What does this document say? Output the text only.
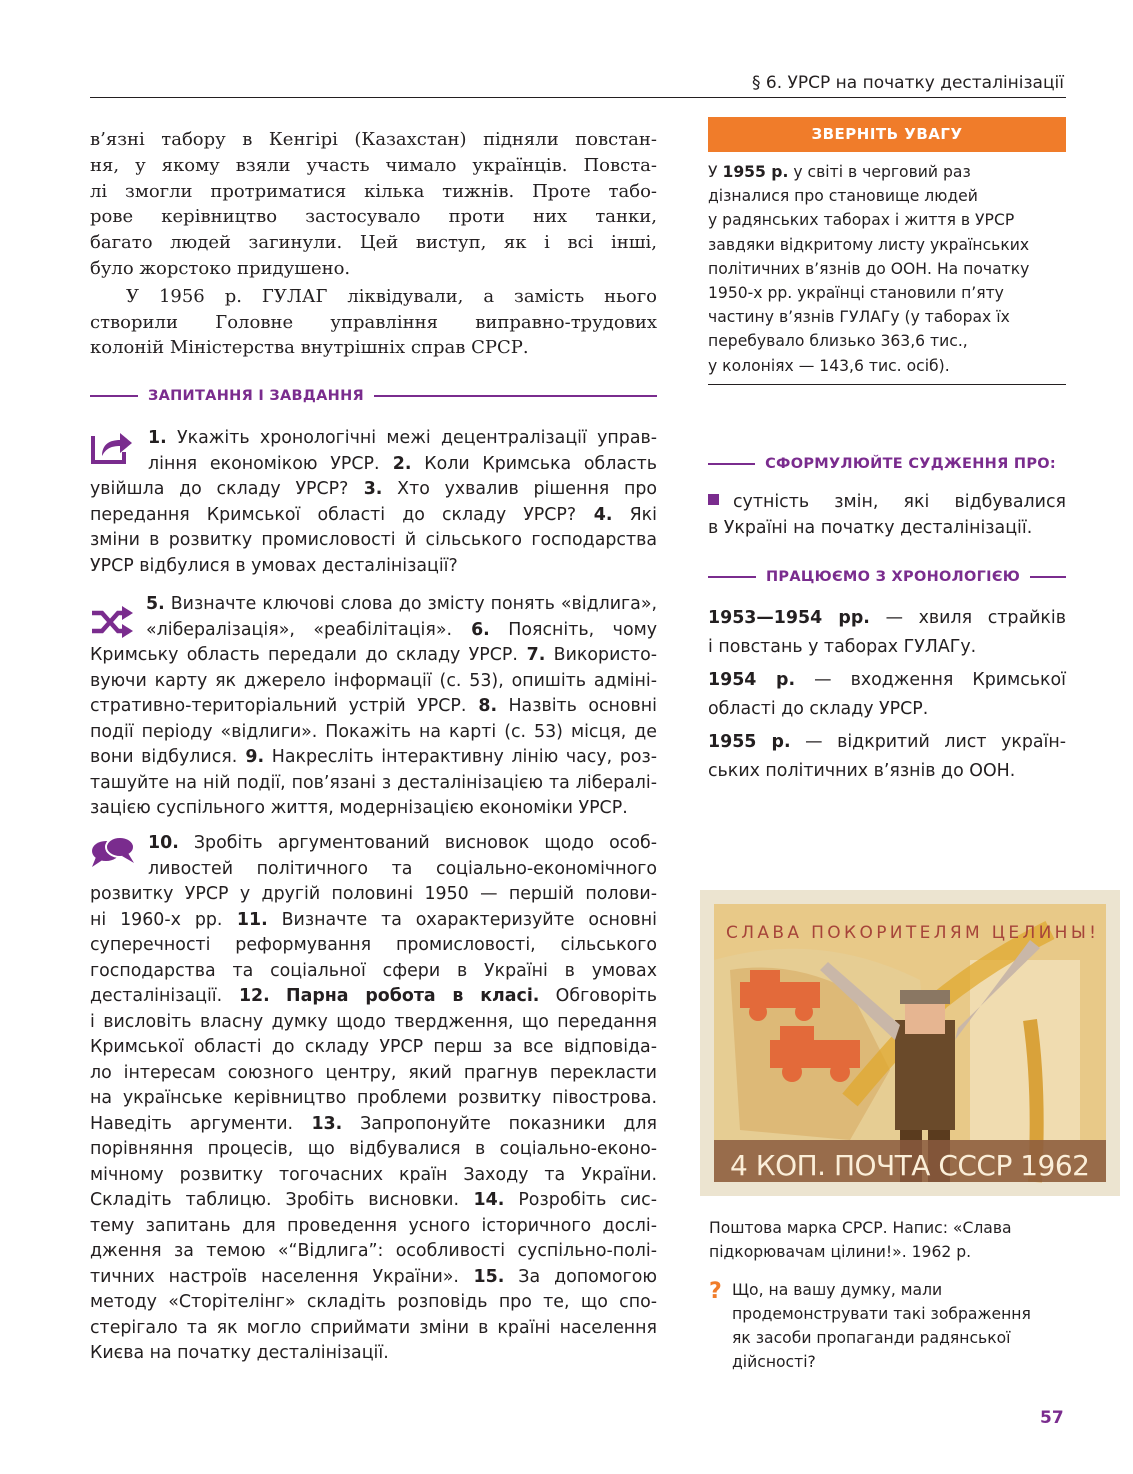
§ 6. УРСР на початку десталінізації
в’язні табору в Кенгірі (Казахстан) підняли повстан-
ня, у якому взяли участь чимало українців. Повста-
лі змогли протриматися кілька тижнів. Проте табо-
рове керівництво застосувало проти них танки,
багато людей загинули. Цей виступ, як і всі інші,
було жорстоко придушено.
У 1956 р. ГУЛАГ ліквідували, а замість нього
створили Головне управління виправно-трудових
колоній Міністерства внутрішніх справ СРСР.
ЗАПИТАННЯ І ЗАВДАННЯ
1. Укажіть хронологічні межі децентралізації управ-
ління економікою УРСР. 2. Коли Кримська область
увійшла до складу УРСР? 3. Хто ухвалив рішення про
передання Кримської області до складу УРСР? 4. Які
зміни в розвитку промисловості й сільського господарства
УРСР відбулися в умовах десталінізації?
5. Визначте ключові слова до змісту понять «відлига»,
«лібералізація», «реабілітація». 6. Поясніть, чому
Кримську область передали до складу УРСР. 7. Використо-
вуючи карту як джерело інформації (с. 53), опишіть адміні-
стративно-територіальний устрій УРСР. 8. Назвіть основні
події періоду «відлиги». Покажіть на карті (с. 53) місця, де
вони відбулися. 9. Накресліть інтерактивну лінію часу, роз-
ташуйте на ній події, пов’язані з десталінізацією та лібералі-
зацією суспільного життя, модернізацією економіки УРСР.
10. Зробіть аргументований висновок щодо особ-
ливостей політичного та соціально-економічного
розвитку УРСР у другій половині 1950 — першій полови-
ні 1960-х рр. 11. Визначте та охарактеризуйте основні
суперечності реформування промисловості, сільського
господарства та соціальної сфери в Україні в умовах
десталінізації. 12. Парна робота в класі. Обговоріть
і висловіть власну думку щодо твердження, що передання
Кримської області до складу УРСР перш за все відповіда-
ло інтересам союзного центру, який прагнув перекласти
на українське керівництво проблеми розвитку півострова.
Наведіть аргументи. 13. Запропонуйте показники для
порівняння процесів, що відбувалися в соціально-еконо-
мічному розвитку тогочасних країн Заходу та України.
Складіть таблицю. Зробіть висновки. 14. Розробіть сис-
тему запитань для проведення усного історичного дослі-
дження за темою «“Відлига”: особливості суспільно-полі-
тичних настроїв населення України». 15. За допомогою
методу «Сторітелінг» складіть розповідь про те, що спо-
стерігало та як могло сприймати зміни в країні населення
Києва на початку десталінізації.
ЗВЕРНІТЬ УВАГУ
У 1955 р. у світі в черговий раз
дізналися про становище людей
у радянських таборах і життя в УРСР
завдяки відкритому листу українських
політичних в’язнів до ООН. На початку
1950-х рр. українці становили п’яту
частину в’язнів ГУЛАГу (у таборах їх
перебувало близько 363,6 тис.,
у колоніях — 143,6 тис. осіб).
СФОРМУЛЮЙТЕ СУДЖЕННЯ ПРО:
сутність змін, які відбувалися
в Україні на початку десталінізації.
ПРАЦЮЄМО З ХРОНОЛОГІЄЮ
1953—1954 рр. — хвиля страйків
і повстань у таборах ГУЛАГу.
1954 р. — входження Кримської
області до складу УРСР.
1955 р. — відкритий лист україн-
ських політичних в’язнів до ООН.
СЛАВА ПОКОРИТЕЛЯМ ЦЕЛИНЫ!
4 КОП. ПОЧТА СССР 1962
Поштова марка СРСР. Напис: «Слава
підкорювачам цілини!». 1962 р.
? Що, на вашу думку, мали
продемонструвати такі зображення
як засоби пропаганди радянської
дійсності?
57
